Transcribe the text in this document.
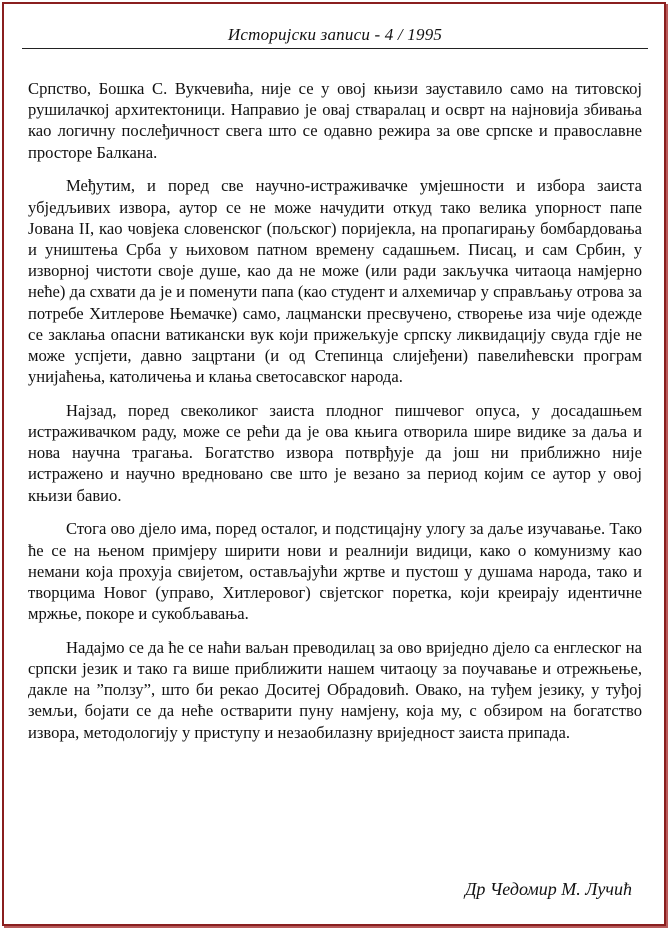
Историјски записи - 4 / 1995

Српство, Бошка С. Вукчевића, није се у овој књизи зауставило само на титовској рушилачкој архитектоници. Направио је овај стваралац и осврт на најновија збивања као логичну послеђичност свега што се одавно режира за ове српске и православне просторе Балкана.

Међутим, и поред све научно-истраживачке умјешности и избора заиста убједљивих извора, аутор се не може начудити откуд тако велика упорност папе Јована II, као човјека словенског (пољског) поријекла, на пропагирању бомбардовања и уништења Срба у њиховом патном времену садашњем. Писац, и сам Србин, у изворној чистоти своје душе, као да не може (или ради закључка читаоца намјерно неће) да схвати да је и поменути папа (као студент и алхемичар у справљању отрова за потребе Хитлерове Њемачке) само, лацмански пресвучено, створење иза чије одежде се заклања опасни ватикански вук који прижељкује српску ликвидацију свуда гдје не може успјети, давно зацртани (и од Степинца слијеђени) павелићевски програм унијаћења, католичења и клања светосавског народа.

Најзад, поред свеколиког заиста плодног пишчевог опуса, у досадашњем истраживачком раду, може се рећи да је ова књига отворила шире видике за даља и нова научна трагања. Богатство извора потврђује да још ни приближно није истражено и научно вредновано све што је везано за период којим се аутор у овој књизи бавио.

Стога ово дјело има, поред осталог, и подстицајну улогу за даље изучавање. Тако ће се на њеном примјеру ширити нови и реалнији видици, како о комунизму као немани која прохуја свијетом, остављајући жртве и пустош у душама народа, тако и творцима Новог (управо, Хитлеровог) свјетског поретка, који креирају идентичне мржње, покоре и сукобљавања.

Надајмо се да ће се наћи ваљан преводилац за ово вриједно дјело са енглеског на српски језик и тако га више приближити нашем читаоцу за поучавање и отрежњење, дакле на ”ползу”, што би рекао Доситеј Обрадовић. Овако, на туђем језику, у туђој земљи, бојати се да неће остварити пуну намјену, која му, с обзиром на богатство извора, методологију у приступу и незаобилазну вриједност заиста припада.

Др Чедомир М. Лучић
